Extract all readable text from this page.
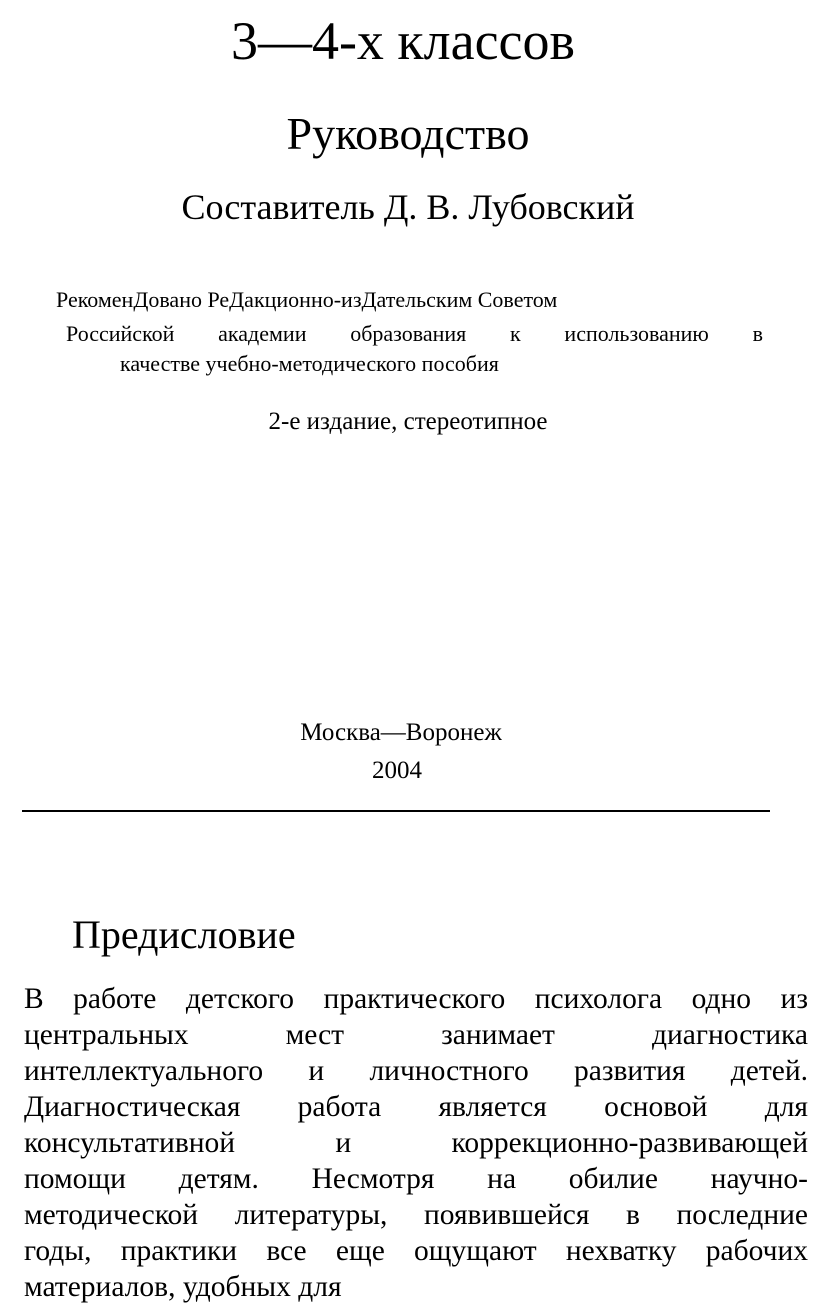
3—4-х классов
Руководство

Составитель Д. В. Лубовский

РекоменДовано РеДакционно-изДательским Советом

Российской академии образования к использованию в

качестве учебно-методического пособия

2-е издание, стереотипное

Москва—Воронеж

2004

Предисловие

В работе детского практического психолога одно из

центральных мест занимает диагностика

интеллектуального и личностного развития детей.

Диагностическая работа является основой для

консультативной и коррекционно-развивающей

помощи детям. Несмотря на обилие научно-

методической литературы, появившейся в последние

годы, практики все еще ощущают нехватку рабочих

материалов, удобных для
